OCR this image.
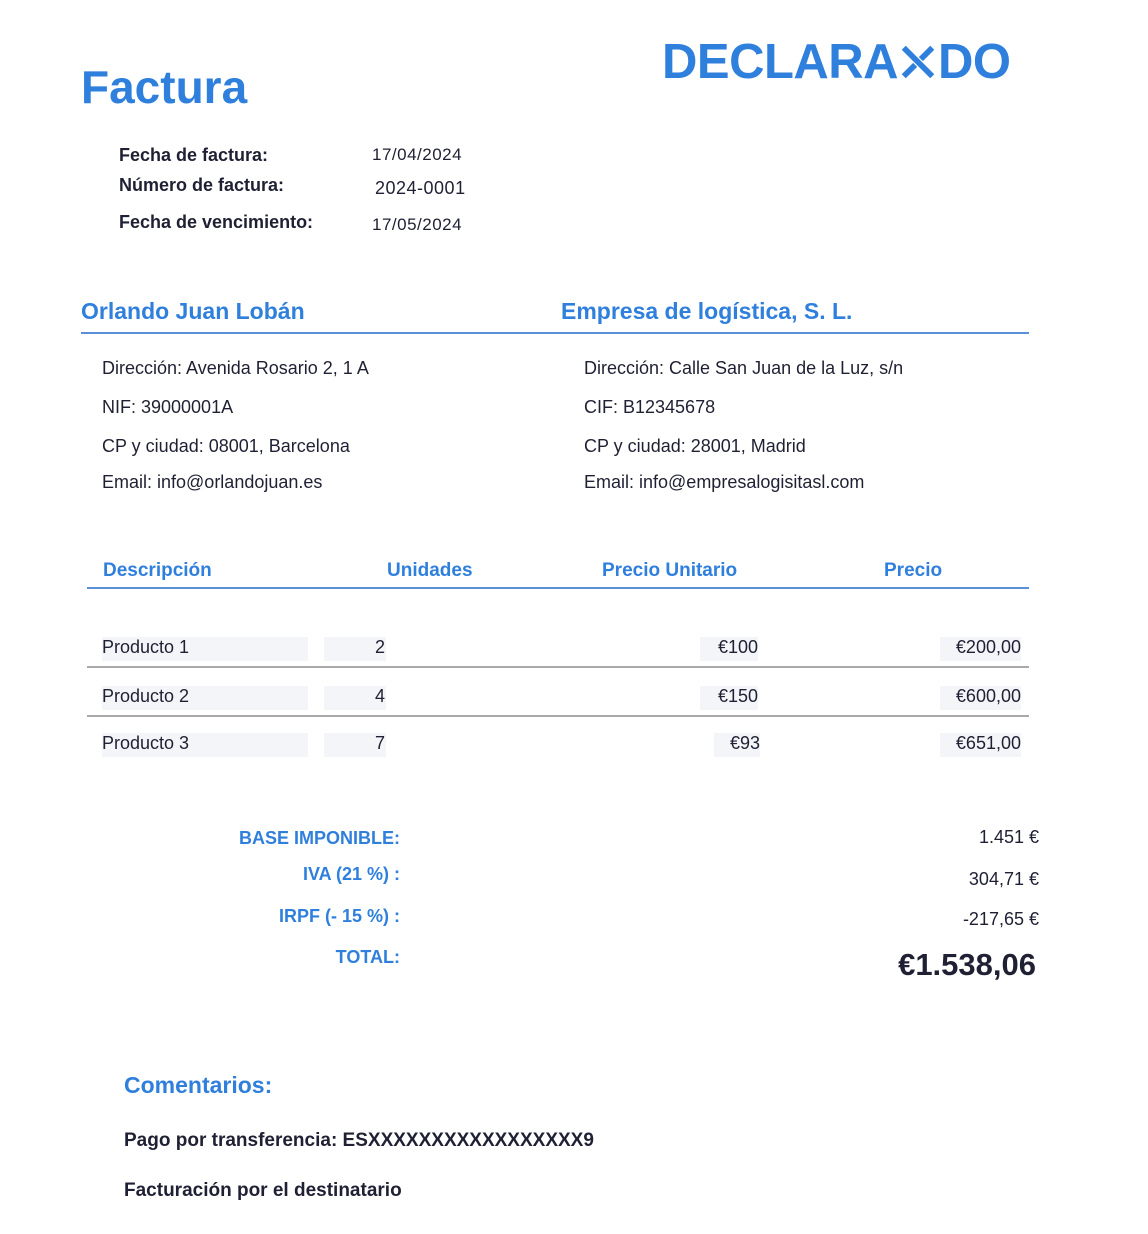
Factura	DECLARA DO
Fecha de factura:	17/04/2024
Número de factura:	2024-0001
Fecha de vencimiento:	17/05/2024
Orlando Juan Lobán	Empresa de logística, S. L.
Dirección: Avenida Rosario 2, 1 A
NIF: 39000001A
CP y ciudad: 08001, Barcelona
Email: info@orlandojuan.es
Dirección: Calle San Juan de la Luz, s/n
CIF: B12345678
CP y ciudad: 28001, Madrid
Email: info@empresalogisitasl.com
Descripción	Unidades	Precio Unitario	Precio
Producto 1	2	€100	€200,00
Producto 2	4	€150	€600,00
Producto 3	7	€93	€651,00
BASE IMPONIBLE:	1.451 €
IVA (21 %) :	304,71 €
IRPF (- 15 %) :	-217,65 €
TOTAL:	€1.538,06
Comentarios:
Pago por transferencia: ESXXXXXXXXXXXXXXXXX9
Facturación por el destinatario
